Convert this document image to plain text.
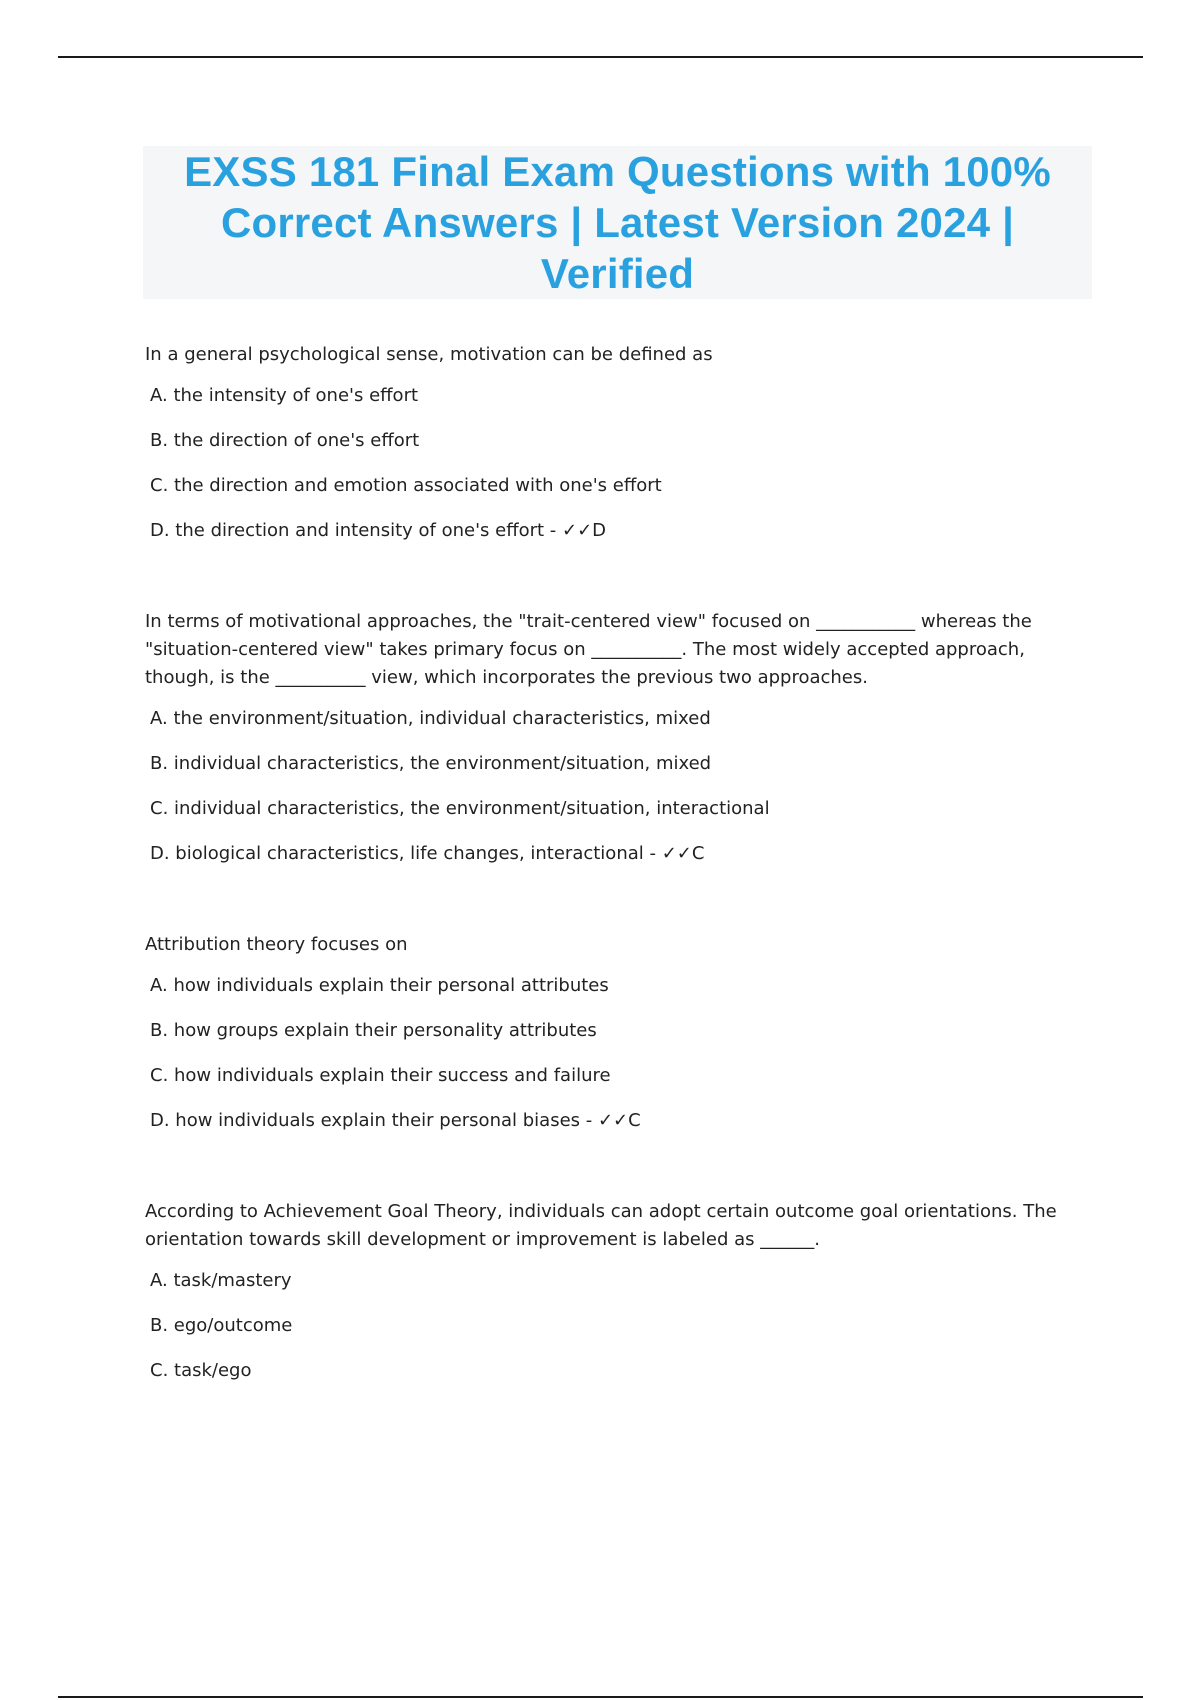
EXSS 181 Final Exam Questions with 100% Correct Answers | Latest Version 2024 | Verified

In a general psychological sense, motivation can be defined as

A. the intensity of one's effort

B. the direction of one's effort

C. the direction and emotion associated with one's effort

D. the direction and intensity of one's effort - ✓✓D

In terms of motivational approaches, the "trait-centered view" focused on ___________ whereas the "situation-centered view" takes primary focus on __________. The most widely accepted approach, though, is the __________ view, which incorporates the previous two approaches.

A. the environment/situation, individual characteristics, mixed

B. individual characteristics, the environment/situation, mixed

C. individual characteristics, the environment/situation, interactional

D. biological characteristics, life changes, interactional - ✓✓C

Attribution theory focuses on

A. how individuals explain their personal attributes

B. how groups explain their personality attributes

C. how individuals explain their success and failure

D. how individuals explain their personal biases - ✓✓C

According to Achievement Goal Theory, individuals can adopt certain outcome goal orientations. The orientation towards skill development or improvement is labeled as ______.

A. task/mastery

B. ego/outcome

C. task/ego
